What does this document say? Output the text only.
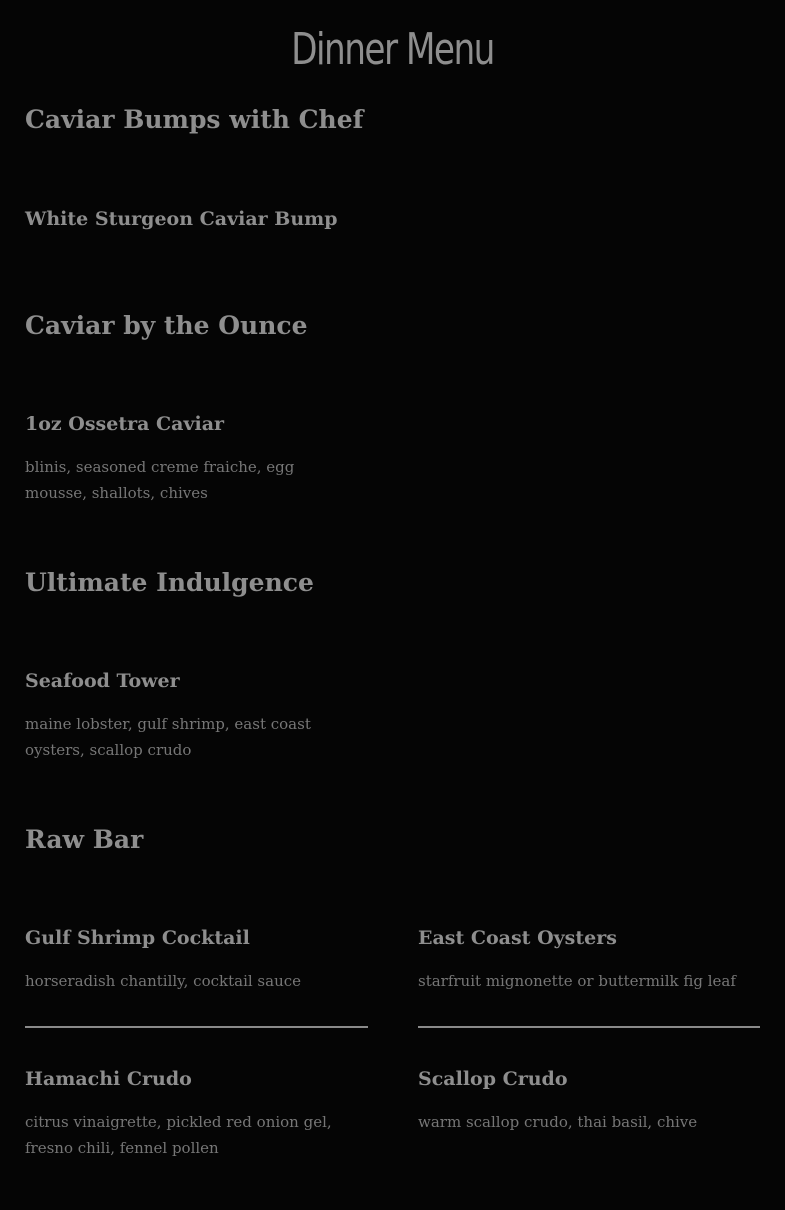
Dinner Menu
Caviar Bumps with Chef
White Sturgeon Caviar Bump
Caviar by the Ounce
1oz Ossetra Caviar

blinis, seasoned creme fraiche, egg mousse, shallots, chives

Ultimate Indulgence
Seafood Tower

maine lobster, gulf shrimp, east coast oysters, scallop crudo

Raw Bar
Gulf Shrimp Cocktail

horseradish chantilly, cocktail sauce

East Coast Oysters

starfruit mignonette or buttermilk fig leaf

Hamachi Crudo

citrus vinaigrette, pickled red onion gel, fresno chili, fennel pollen

Scallop Crudo

warm scallop crudo, thai basil, chive
